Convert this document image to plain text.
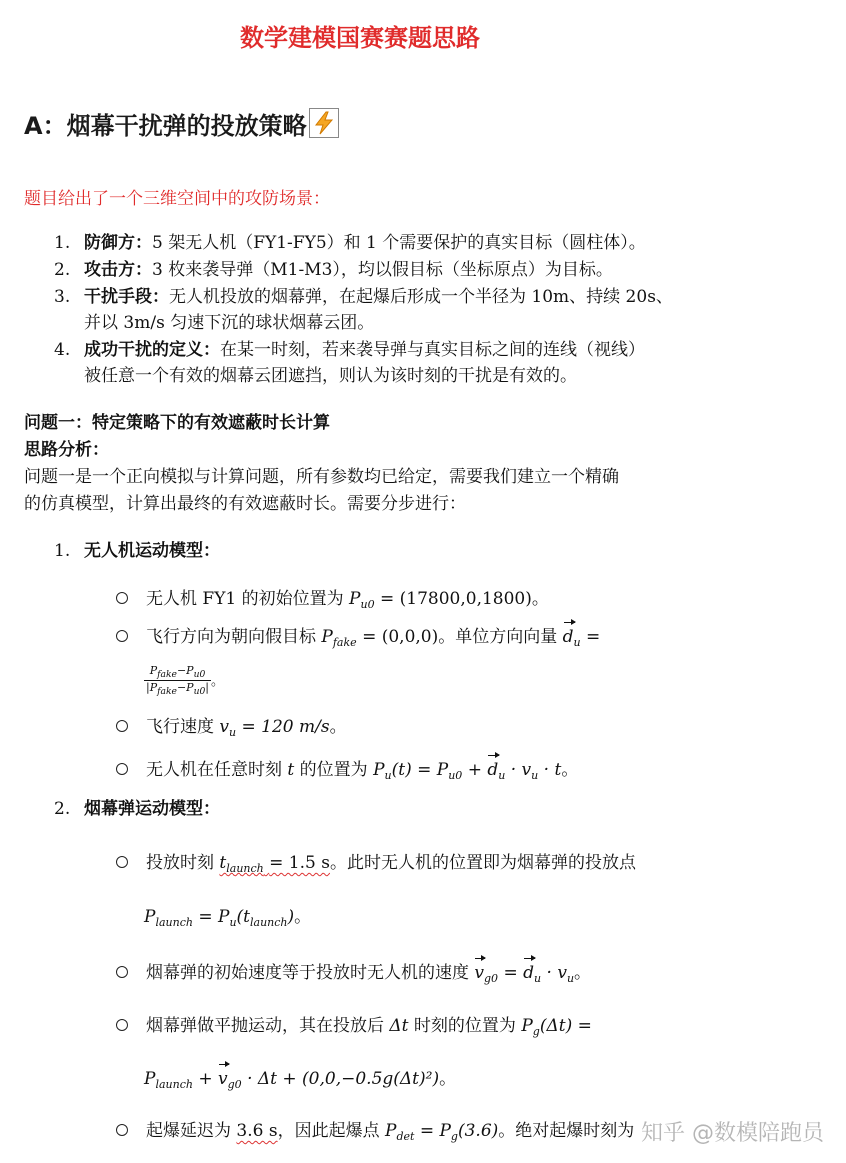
数学建模国赛赛题思路
A：烟幕干扰弹的投放策略
题目给出了一个三维空间中的攻防场景：
1. 防御方：5 架无人机（FY1-FY5）和 1 个需要保护的真实目标（圆柱体）。
2. 攻击方：3 枚来袭导弹（M1-M3），均以假目标（坐标原点）为目标。
3. 干扰手段：无人机投放的烟幕弹，在起爆后形成一个半径为 10m、持续 20s、
并以 3m/s 匀速下沉的球状烟幕云团。
4. 成功干扰的定义：在某一时刻，若来袭导弹与真实目标之间的连线（视线）
被任意一个有效的烟幕云团遮挡，则认为该时刻的干扰是有效的。
问题一：特定策略下的有效遮蔽时长计算
思路分析：
问题一是一个正向模拟与计算问题，所有参数均已给定，需要我们建立一个精确
的仿真模型，计算出最终的有效遮蔽时长。需要分步进行：
1. 无人机运动模型：
无人机 FY1 的初始位置为 $P_{u0} = (17800,0,1800)$。
飞行方向为朝向假目标 $P_{fake} = (0,0,0)$。单位方向向量 $d_u$ =
$\frac{P_{fake}-P_{u0}}{|P_{fake}-P_{u0}|}$ 。
飞行速度 $v_u = 120$ m/s。
无人机在任意时刻 t 的位置为 $P_u(t) = P_{u0} + d_u \cdot v_u \cdot t$。
2. 烟幕弹运动模型：
投放时刻 $t_{launch} = 1.5$ s。此时无人机的位置即为烟幕弹的投放点
$P_{launch} = P_u(t_{launch})$。
烟幕弹的初始速度等于投放时无人机的速度 $v_{g0} = d_u \cdot v_u$。
烟幕弹做平抛运动，其在投放后 Δt 时刻的位置为 $P_g(\Delta t)$ =
$P_{launch} + v_{g0} \cdot \Delta t + (0,0,-0.5g(\Delta t)^2)$。
起爆延迟为 3.6 s，因此起爆点 $P_{det} = P_g(3.6)$。绝对起爆时刻为 知乎 @数模陪跑员
